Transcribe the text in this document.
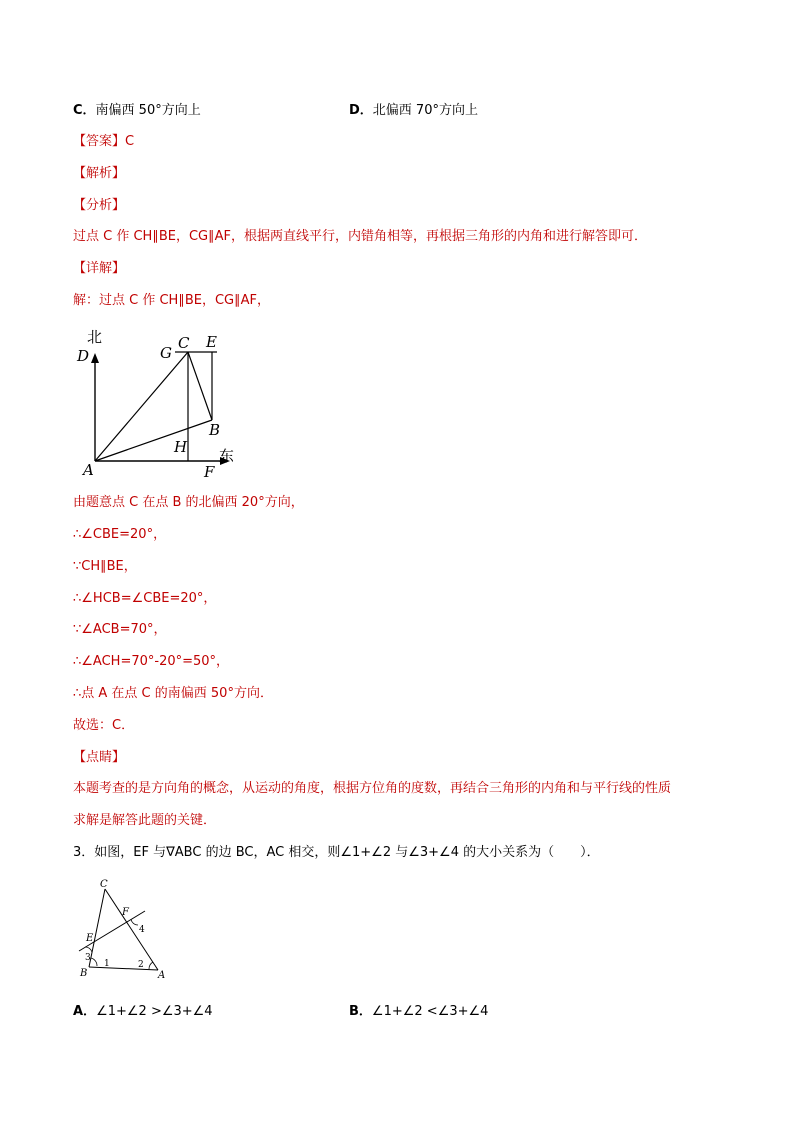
C．南偏西 50°方向上	D．北偏西 70°方向上
【答案】C
【解析】
【分析】
过点 C 作 CH∥BE，CG∥AF，根据两直线平行，内错角相等，再根据三角形的内角和进行解答即可．
【详解】
解：过点 C 作 CH∥BE，CG∥AF，
北
D	G
C E
B
H
A	F
东
由题意点 C 在点 B 的北偏西 20°方向，
∴∠CBE=20°，
∵CH∥BE，
∴∠HCB=∠CBE=20°，
∵∠ACB=70°，
∴∠ACH=70°-20°=50°，
∴点 A 在点 C 的南偏西 50°方向．
故选：C．
【点睛】
本题考查的是方向角的概念，从运动的角度，根据方位角的度数，再结合三角形的内角和与平行线的性质
求解是解答此题的关键．
3．如图，EF 与∇ABC 的边 BC，AC 相交，则∠1+∠2 与∠3+∠4 的大小关系为（　　）．
C
F
E
B	A
1	2
3
4
A．∠1+∠2 >∠3+∠4	B．∠1+∠2 <∠3+∠4
